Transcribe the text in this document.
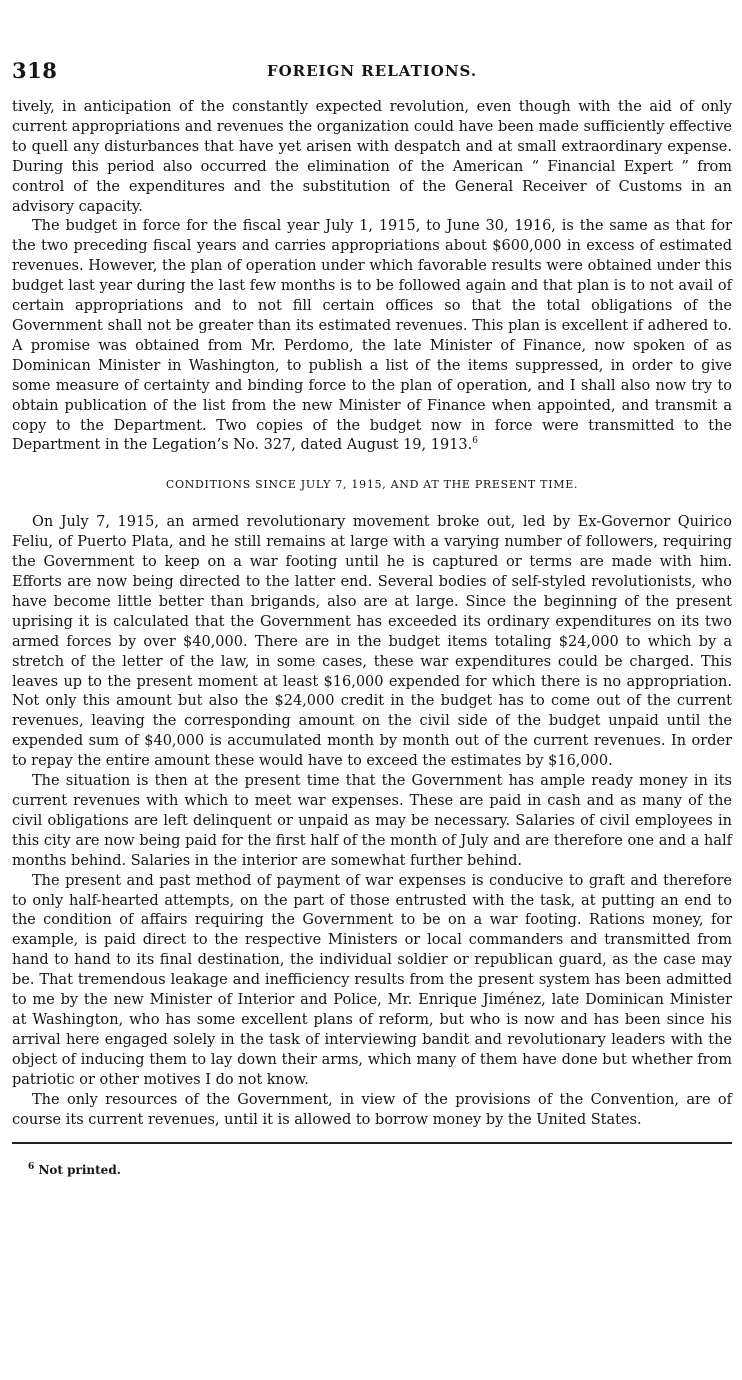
318	FOREIGN RELATIONS.

tively, in anticipation of the constantly expected revolution, even though with the aid of only current appropriations and revenues the organization could have been made sufficiently effective to quell any disturbances that have yet arisen with despatch and at small extraordinary expense. During this period also occurred the elimination of the American “ Financial Expert ” from control of the expenditures and the substitution of the General Receiver of Customs in an advisory capacity.

The budget in force for the fiscal year July 1, 1915, to June 30, 1916, is the same as that for the two preceding fiscal years and carries appropriations about $600,000 in excess of estimated revenues. However, the plan of operation under which favorable results were obtained under this budget last year during the last few months is to be followed again and that plan is to not avail of certain appropriations and to not fill certain offices so that the total obligations of the Government shall not be greater than its estimated revenues. This plan is excellent if adhered to. A promise was obtained from Mr. Perdomo, the late Minister of Finance, now spoken of as Dominican Minister in Washington, to publish a list of the items suppressed, in order to give some measure of certainty and binding force to the plan of operation, and I shall also now try to obtain publication of the list from the new Minister of Finance when appointed, and transmit a copy to the Department. Two copies of the budget now in force were transmitted to the Department in the Legation’s No. 327, dated August 19, 1913.$^6$

CONDITIONS SINCE JULY 7, 1915, AND AT THE PRESENT TIME.

On July 7, 1915, an armed revolutionary movement broke out, led by Ex-Governor Quirico Feliu, of Puerto Plata, and he still remains at large with a varying number of followers, requiring the Government to keep on a war footing until he is captured or terms are made with him. Efforts are now being directed to the latter end. Several bodies of self-styled revolutionists, who have become little better than brigands, also are at large. Since the beginning of the present uprising it is calculated that the Government has exceeded its ordinary expenditures on its two armed forces by over $40,000. There are in the budget items totaling $24,000 to which by a stretch of the letter of the law, in some cases, these war expenditures could be charged. This leaves up to the present moment at least $16,000 expended for which there is no appropriation. Not only this amount but also the $24,000 credit in the budget has to come out of the current revenues, leaving the corresponding amount on the civil side of the budget unpaid until the expended sum of $40,000 is accumulated month by month out of the current revenues. In order to repay the entire amount these would have to exceed the estimates by $16,000.

The situation is then at the present time that the Government has ample ready money in its current revenues with which to meet war expenses. These are paid in cash and as many of the civil obligations are left delinquent or unpaid as may be necessary. Salaries of civil employees in this city are now being paid for the first half of the month of July and are therefore one and a half months behind. Salaries in the interior are somewhat further behind.

The present and past method of payment of war expenses is conducive to graft and therefore to only half-hearted attempts, on the part of those entrusted with the task, at putting an end to the condition of affairs requiring the Government to be on a war footing. Rations money, for example, is paid direct to the respective Ministers or local commanders and transmitted from hand to hand to its final destination, the individual soldier or republican guard, as the case may be. That tremendous leakage and inefficiency results from the present system has been admitted to me by the new Minister of Interior and Police, Mr. Enrique Jiménez, late Dominican Minister at Washington, who has some excellent plans of reform, but who is now and has been since his arrival here engaged solely in the task of interviewing bandit and revolutionary leaders with the object of inducing them to lay down their arms, which many of them have done but whether from patriotic or other motives I do not know.

The only resources of the Government, in view of the provisions of the Convention, are of course its current revenues, until it is allowed to borrow money by the United States.

$^6$ Not printed.
